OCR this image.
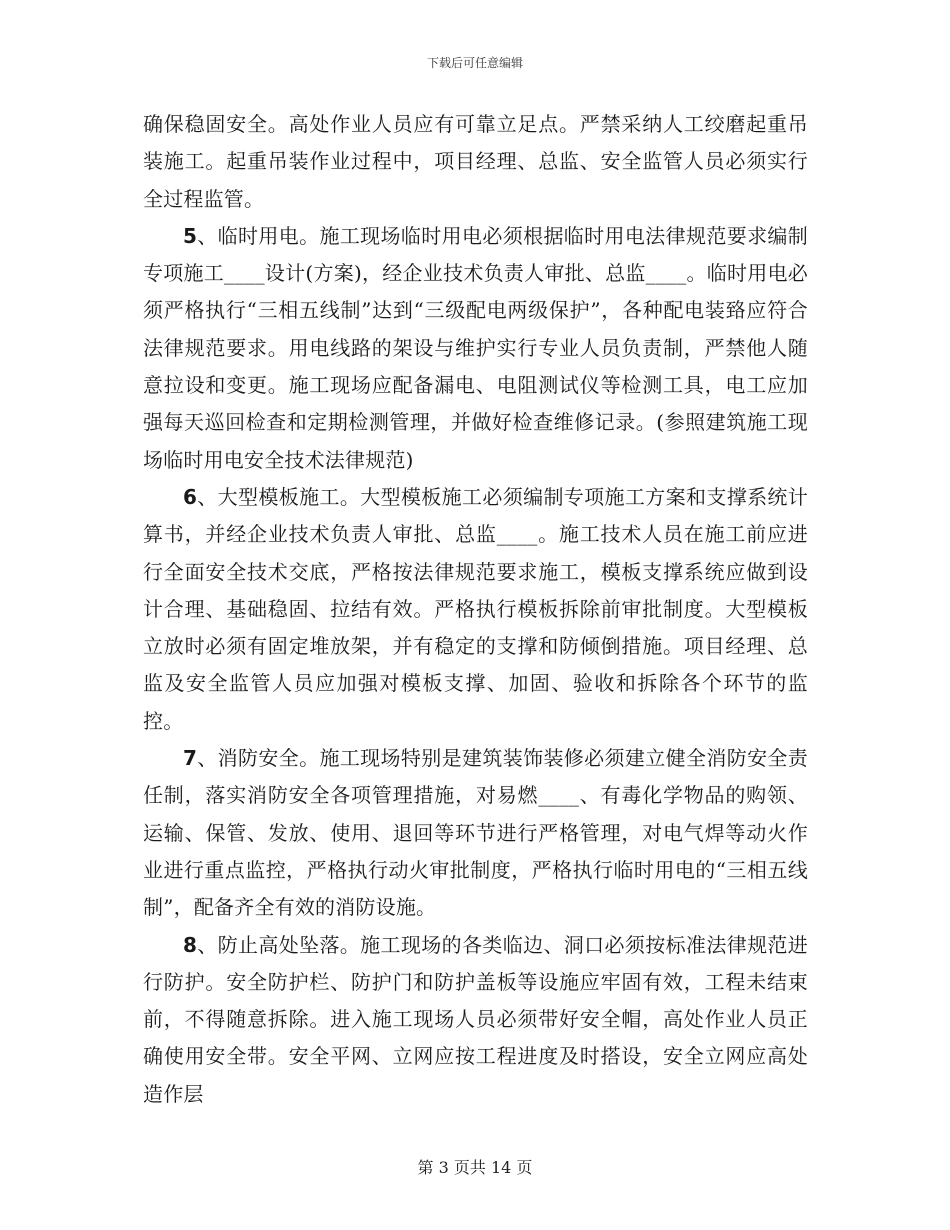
下载后可任意编辑

确保稳固安全。高处作业人员应有可靠立足点。严禁采纳人工绞磨起重吊装施工。起重吊装作业过程中，项目经理、总监、安全监管人员必须实行全过程监管。

5、临时用电。施工现场临时用电必须根据临时用电法律规范要求编制专项施工____设计(方案)，经企业技术负责人审批、总监____。临时用电必须严格执行“三相五线制”达到“三级配电两级保护”，各种配电装臵应符合法律规范要求。用电线路的架设与维护实行专业人员负责制，严禁他人随意拉设和变更。施工现场应配备漏电、电阻测试仪等检测工具，电工应加强每天巡回检查和定期检测管理，并做好检查维修记录。(参照建筑施工现场临时用电安全技术法律规范)

6、大型模板施工。大型模板施工必须编制专项施工方案和支撑系统计算书，并经企业技术负责人审批、总监____。施工技术人员在施工前应进行全面安全技术交底，严格按法律规范要求施工，模板支撑系统应做到设计合理、基础稳固、拉结有效。严格执行模板拆除前审批制度。大型模板立放时必须有固定堆放架，并有稳定的支撑和防倾倒措施。项目经理、总监及安全监管人员应加强对模板支撑、加固、验收和拆除各个环节的监控。

7、消防安全。施工现场特别是建筑装饰装修必须建立健全消防安全责任制，落实消防安全各项管理措施，对易燃____、有毒化学物品的购领、运输、保管、发放、使用、退回等环节进行严格管理，对电气焊等动火作业进行重点监控，严格执行动火审批制度，严格执行临时用电的“三相五线制”，配备齐全有效的消防设施。

8、防止高处坠落。施工现场的各类临边、洞口必须按标准法律规范进行防护。安全防护栏、防护门和防护盖板等设施应牢固有效，工程未结束前，不得随意拆除。进入施工现场人员必须带好安全帽，高处作业人员正确使用安全带。安全平网、立网应按工程进度及时搭设，安全立网应高处造作层

第 3 页共 14 页
